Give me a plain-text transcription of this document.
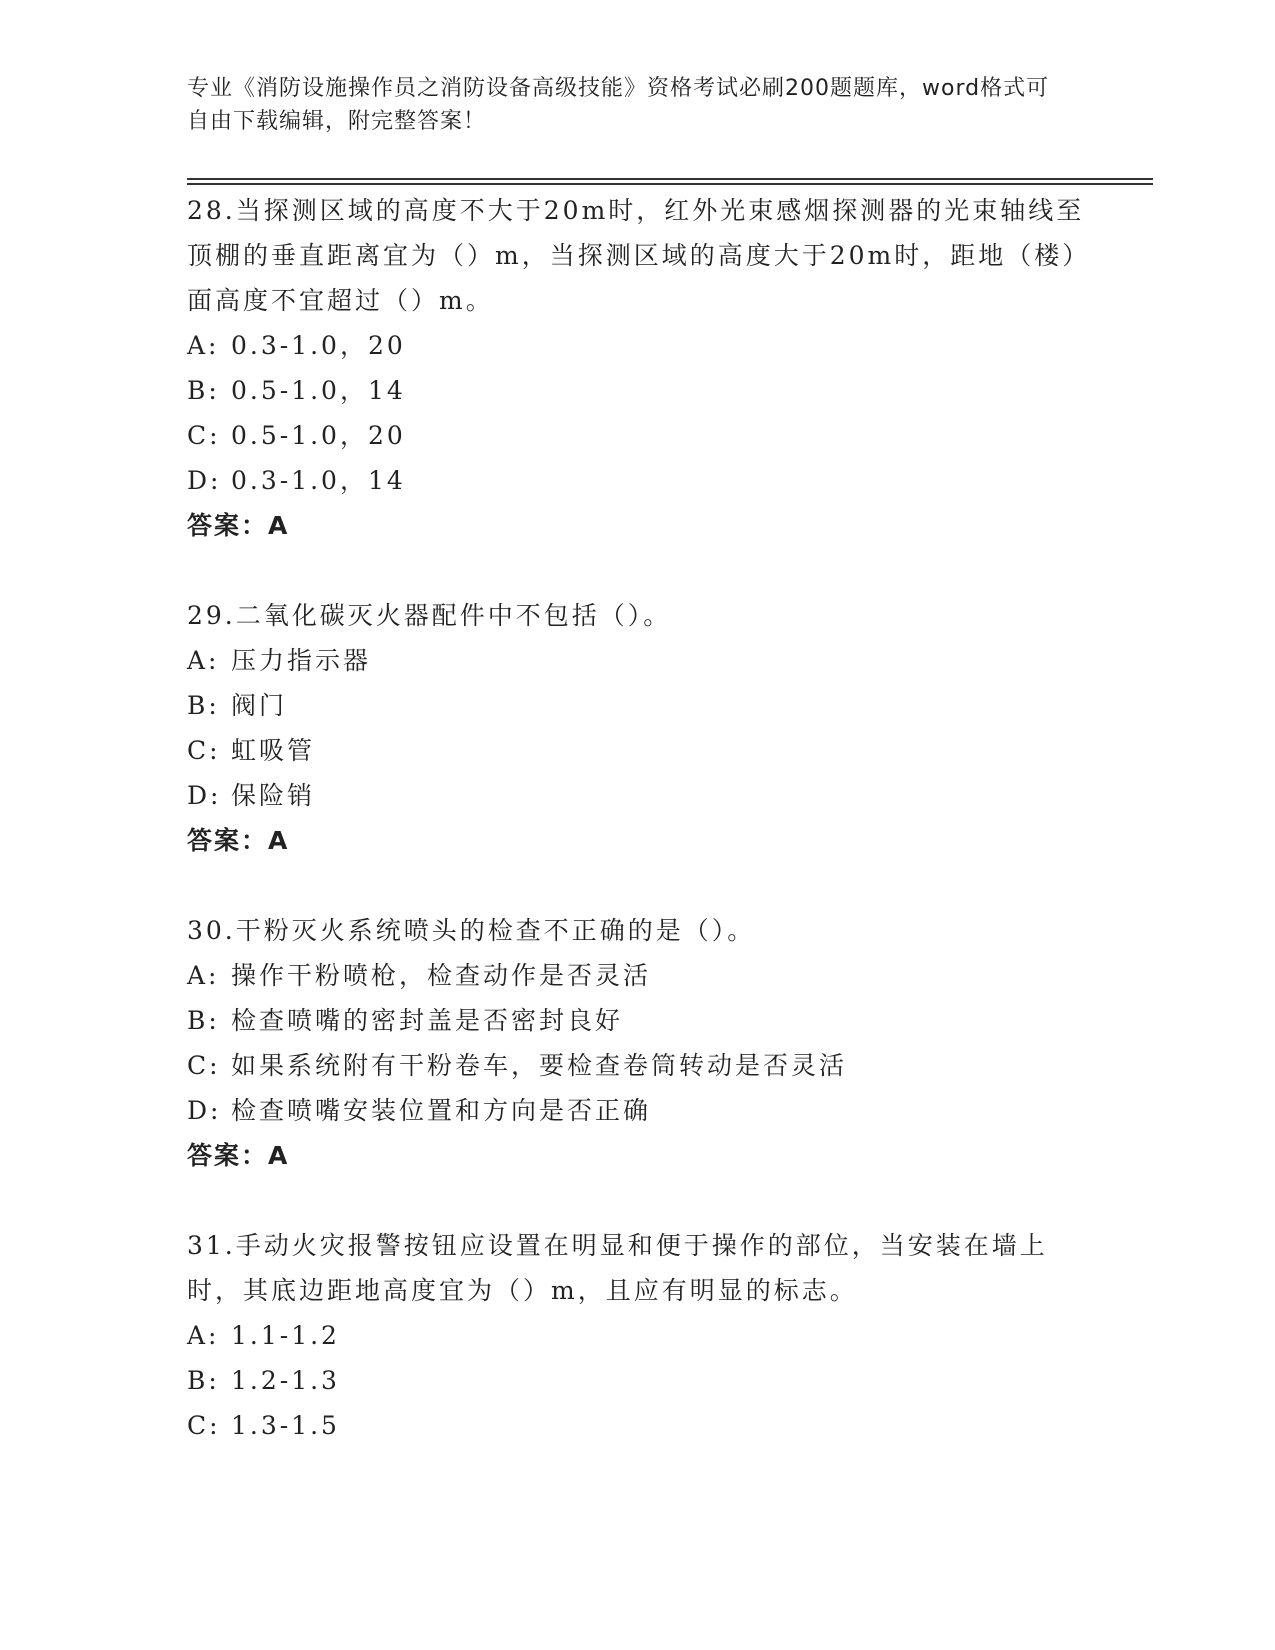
专业《消防设施操作员之消防设备高级技能》资格考试必刷200题题库，word格式可自由下载编辑，附完整答案！

28.当探测区域的高度不大于20m时，红外光束感烟探测器的光束轴线至顶棚的垂直距离宜为（）m，当探测区域的高度大于20m时，距地（楼）面高度不宜超过（）m。

A: 0.3-1.0，20

B: 0.5-1.0，14

C: 0.5-1.0，20

D: 0.3-1.0，14

答案：A

29.二氧化碳灭火器配件中不包括（）。

A: 压力指示器

B: 阀门

C: 虹吸管

D: 保险销

答案：A

30.干粉灭火系统喷头的检查不正确的是（）。

A: 操作干粉喷枪，检查动作是否灵活

B: 检查喷嘴的密封盖是否密封良好

C: 如果系统附有干粉卷车，要检查卷筒转动是否灵活

D: 检查喷嘴安装位置和方向是否正确

答案：A

31.手动火灾报警按钮应设置在明显和便于操作的部位，当安装在墙上时，其底边距地高度宜为（）m，且应有明显的标志。

A: 1.1-1.2

B: 1.2-1.3

C: 1.3-1.5
